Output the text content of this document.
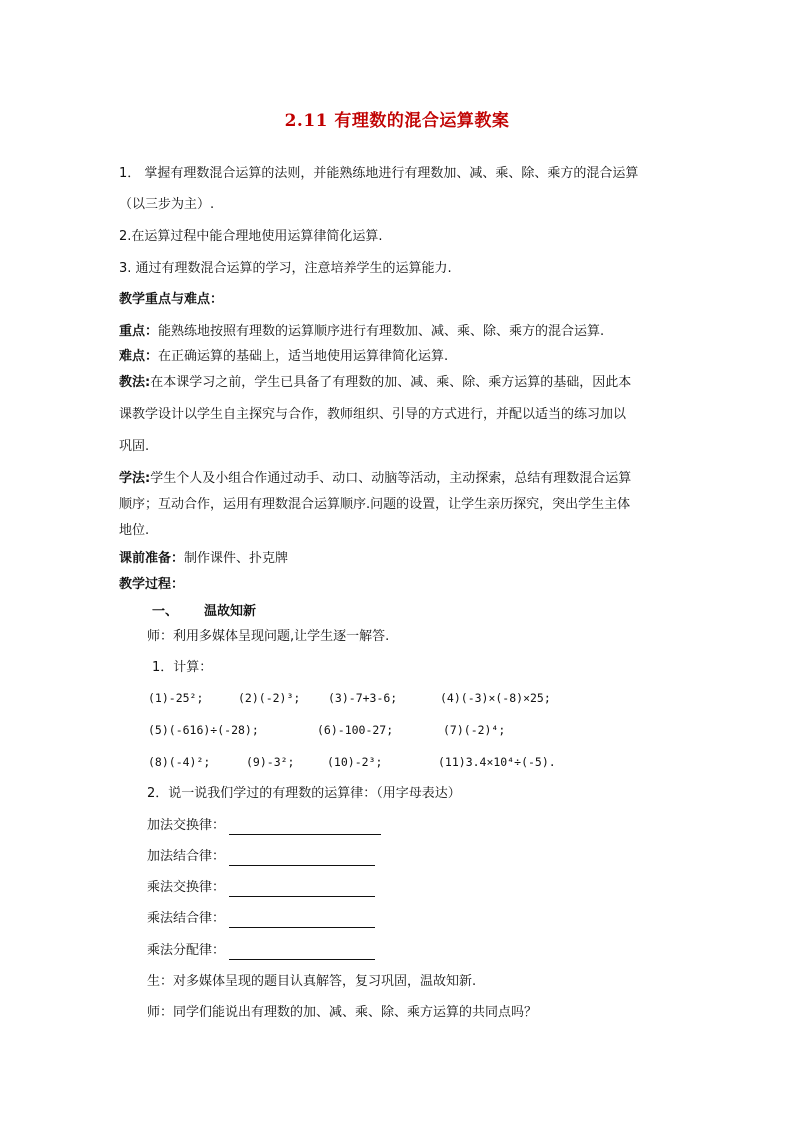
2.11 有理数的混合运算教案
1． 掌握有理数混合运算的法则，并能熟练地进行有理数加、减、乘、除、乘方的混合运算
（以三步为主）.
2.在运算过程中能合理地使用运算律简化运算.
3. 通过有理数混合运算的学习，注意培养学生的运算能力.
教学重点与难点：
重点：能熟练地按照有理数的运算顺序进行有理数加、减、乘、除、乘方的混合运算.
难点：在正确运算的基础上，适当地使用运算律简化运算.
教法:在本课学习之前，学生已具备了有理数的加、减、乘、除、乘方运算的基础，因此本
课教学设计以学生自主探究与合作，教师组织、引导的方式进行，并配以适当的练习加以
巩固.
学法:学生个人及小组合作通过动手、动口、动脑等活动，主动探索，总结有理数混合运算
顺序；互动合作，运用有理数混合运算顺序.问题的设置，让学生亲历探究，突出学生主体
地位.
课前准备：制作课件、扑克牌
教学过程：
一、 温故知新
师：利用多媒体呈现问题,让学生逐一解答.
1．计算：
(1)-25²;	(2)(-2)³; (3)-7+3-6;	(4)(-3)×(-8)×25;
(5)(-616)÷(-28);	(6)-100-27;	(7)(-2)⁴;
(8)(-4)²;	(9)-3²;	(10)-2³;	(11)3.4×10⁴÷(-5).
2．说一说我们学过的有理数的运算律：（用字母表达）
加法交换律：
加法结合律：
乘法交换律：
乘法结合律：
乘法分配律：
生：对多媒体呈现的题目认真解答，复习巩固，温故知新.
师：同学们能说出有理数的加、减、乘、除、乘方运算的共同点吗？
